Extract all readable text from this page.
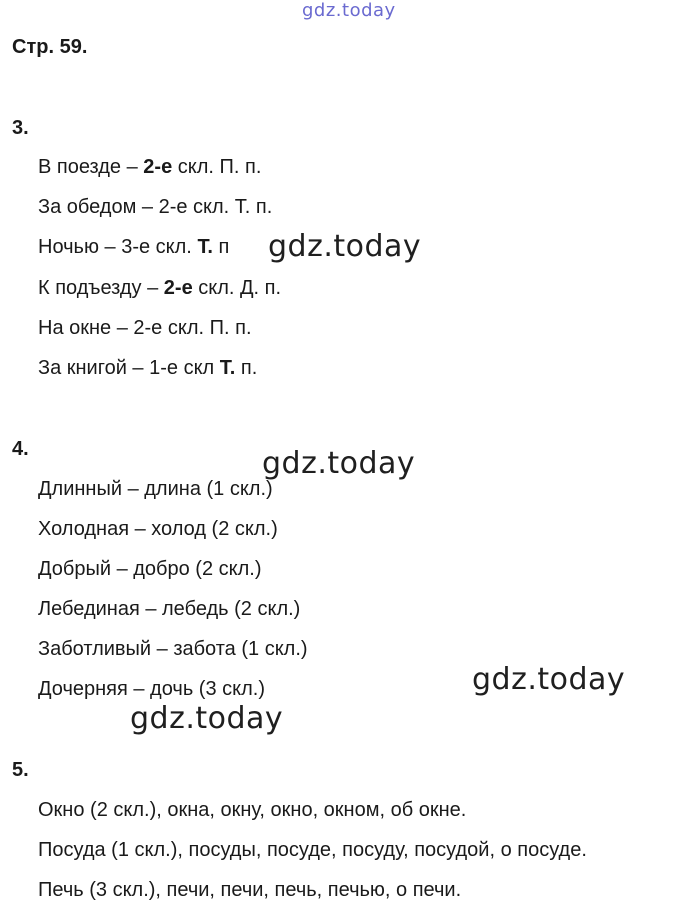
gdz.today
gdz.today
gdz.today
gdz.today
gdz.today
Стр. 59.
3.
4.
5.
В поезде – 2-е скл. П. п.
За обедом – 2-е скл. Т. п.
Ночью – 3-е скл. Т. п
К подъезду – 2-е скл. Д. п.
На окне – 2-е скл. П. п.
За книгой – 1-е скл Т. п.
Длинный – длина (1 скл.)
Холодная – холод (2 скл.)
Добрый – добро (2 скл.)
Лебединая – лебедь (2 скл.)
Заботливый – забота (1 скл.)
Дочерняя – дочь (3 скл.)
Окно (2 скл.), окна, окну, окно, окном, об окне.
Посуда (1 скл.), посуды, посуде, посуду, посудой, о посуде.
Печь (3 скл.), печи, печи, печь, печью, о печи.
